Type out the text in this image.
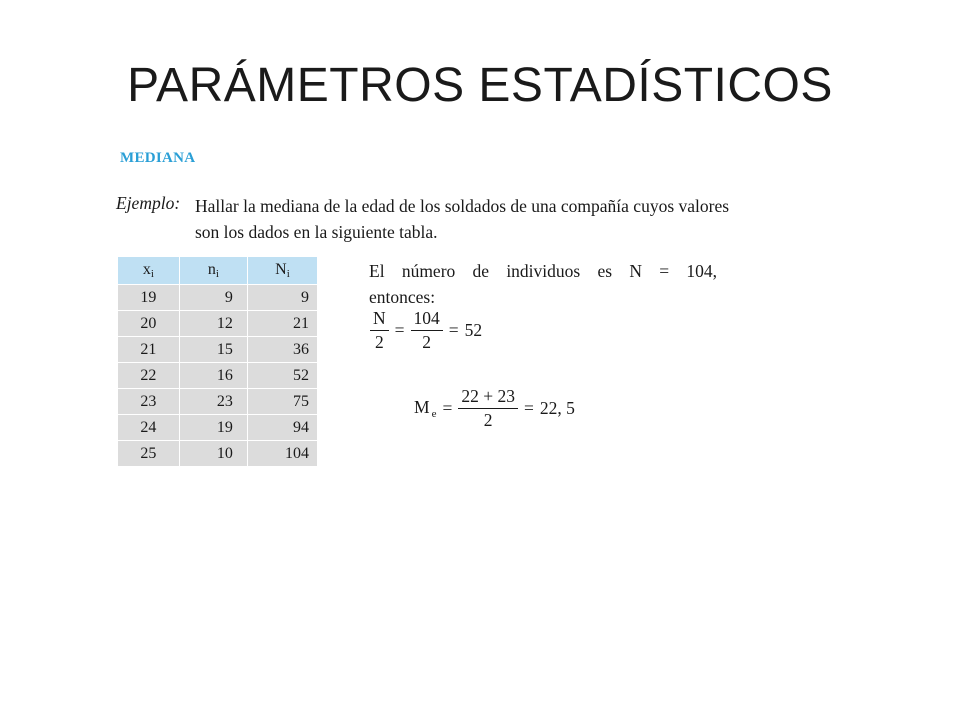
PARÁMETROS ESTADÍSTICOS
MEDIANA
Ejemplo: Hallar la mediana de la edad de los soldados de una compañía cuyos valores
son los dados en la siguiente tabla.
xi	ni	Ni
19	9	9
20	12	21
21	15	36
22	16	52
23	23	75
24	19	94
25	10	104
El número de individuos es N = 104,
entonces:
$\frac{N}{2} = \frac{104}{2} = 52$
M $_e = \frac{22 + 23}{2} = 22$, 5
